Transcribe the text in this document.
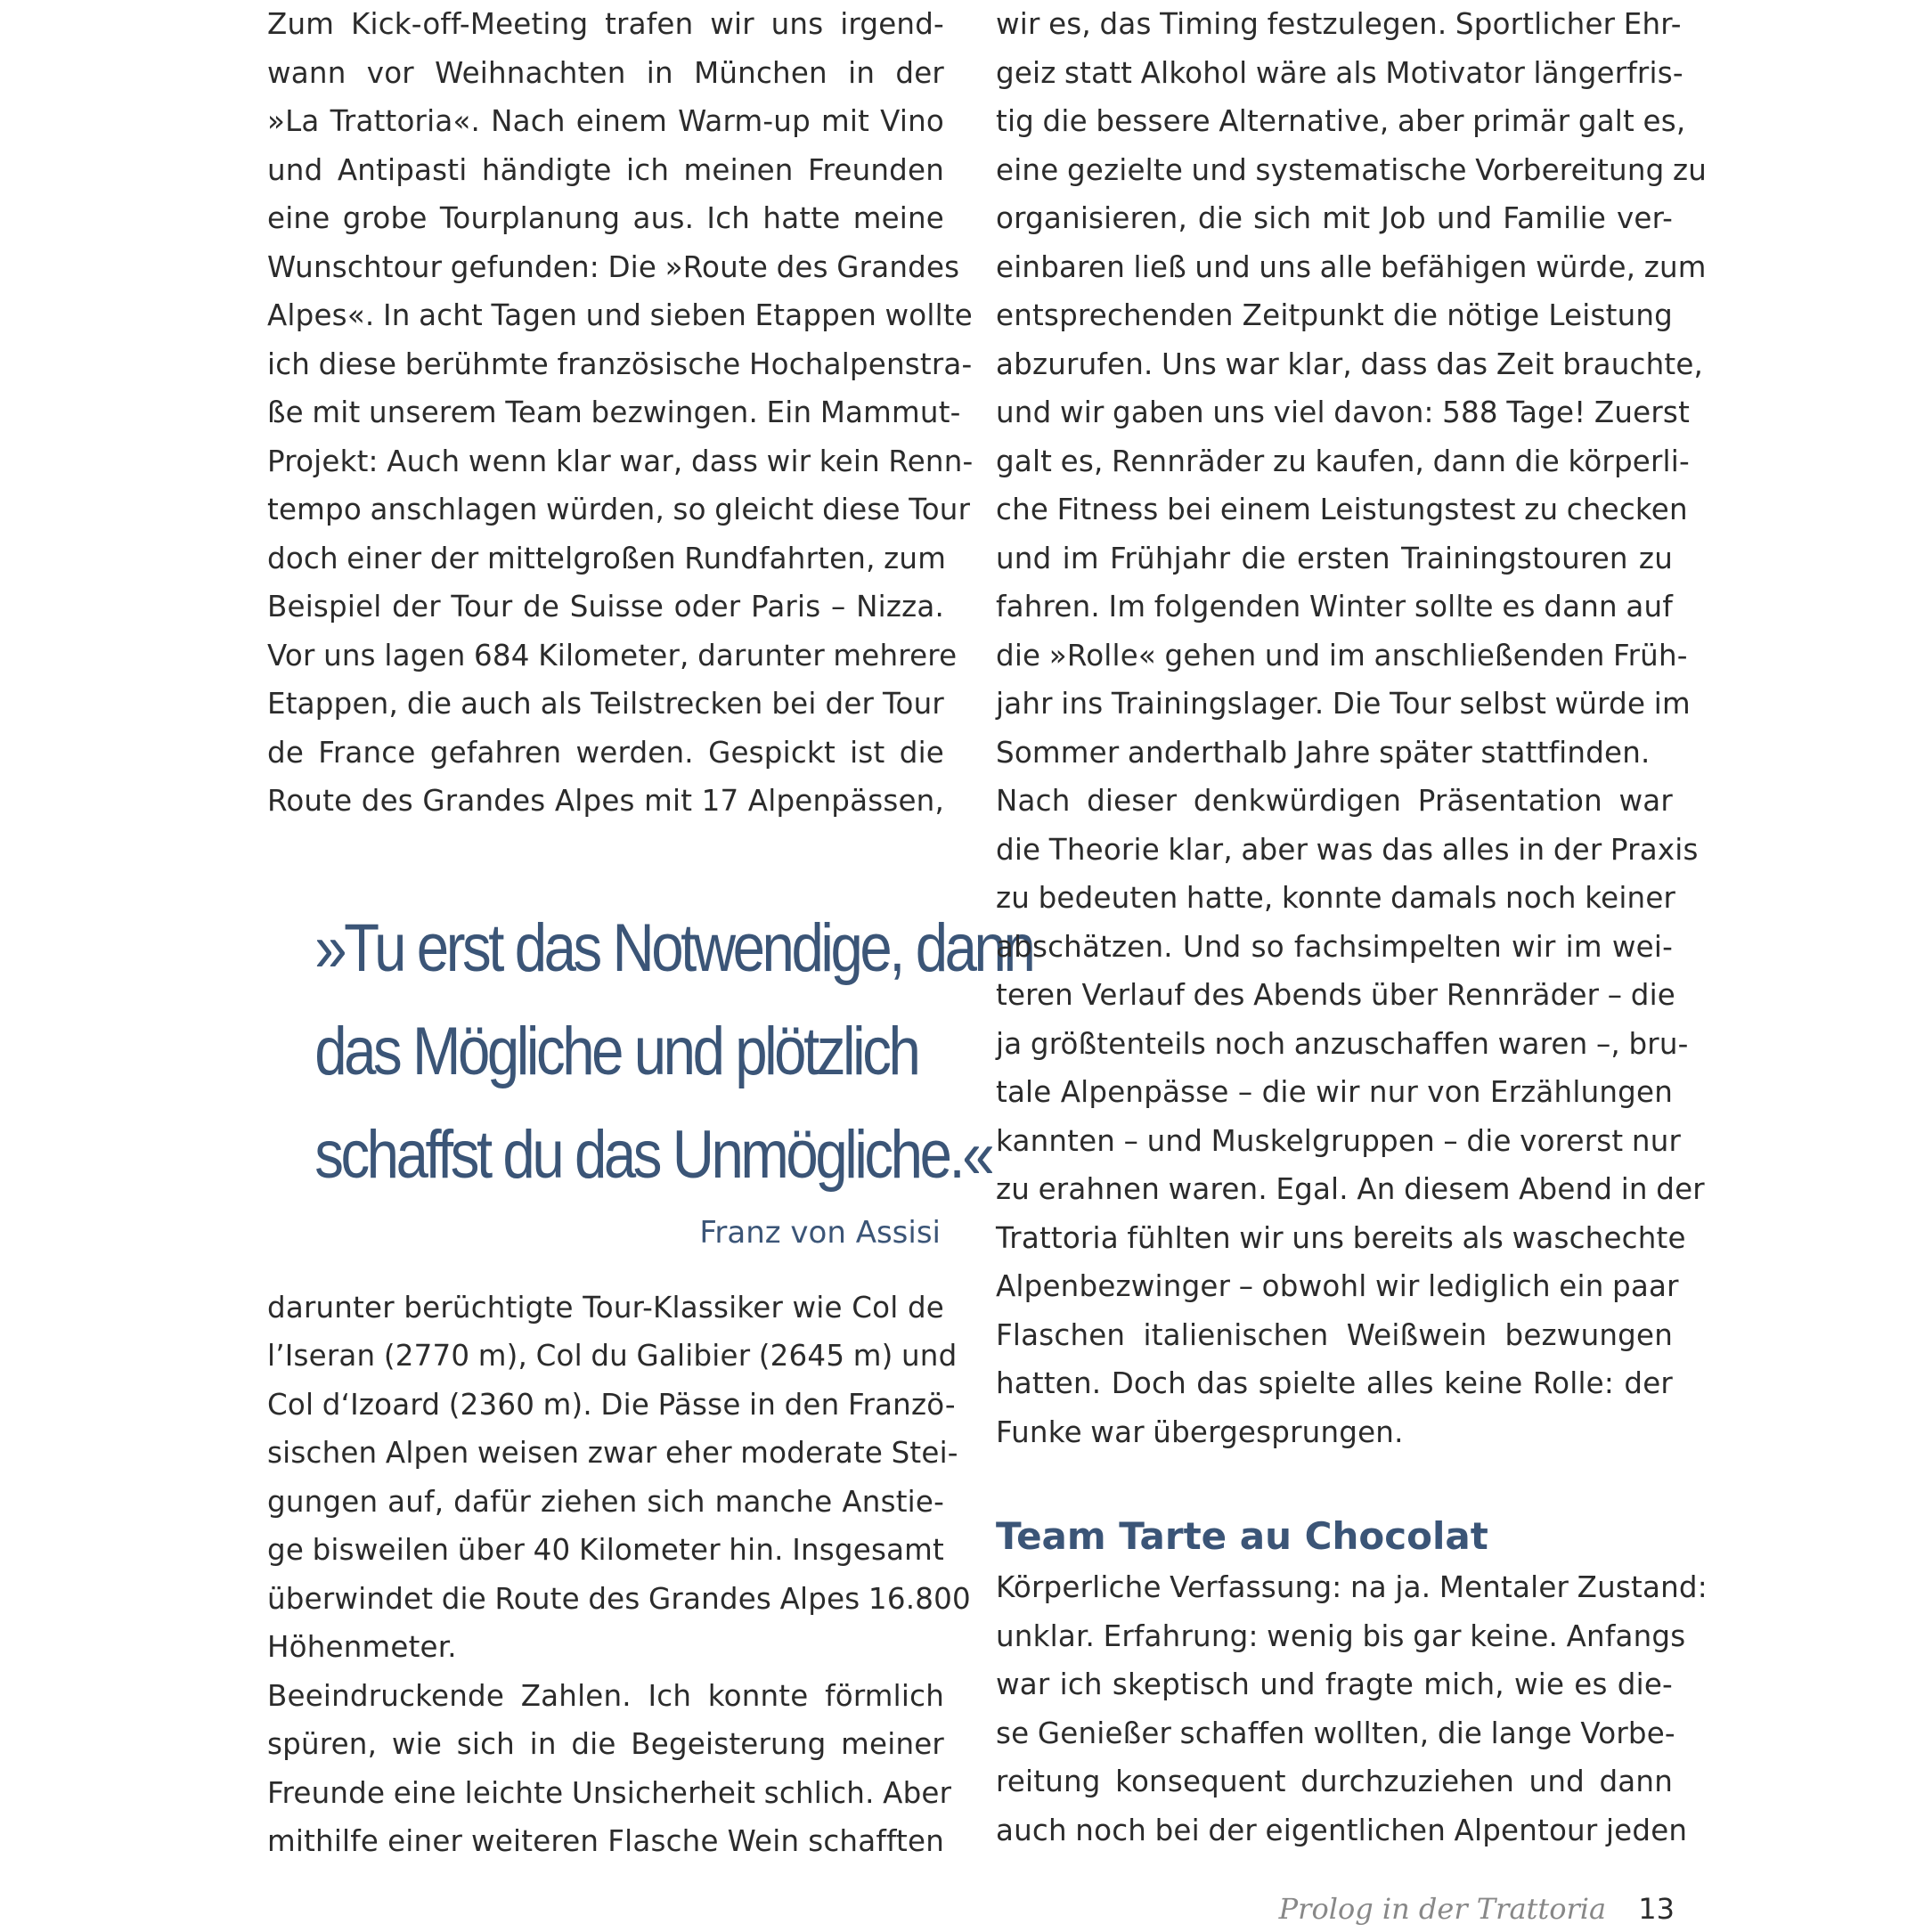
Zum Kick-off-Meeting trafen wir uns irgend-

wann vor Weihnachten in München in der

»La Trattoria«. Nach einem Warm-up mit Vino

und Antipasti händigte ich meinen Freunden

eine grobe Tourplanung aus. Ich hatte meine

Wunschtour gefunden: Die »Route des Grandes

Alpes«. In acht Tagen und sieben Etappen wollte

ich diese berühmte französische Hochalpenstra-

ße mit unserem Team bezwingen. Ein Mammut-

Projekt: Auch wenn klar war, dass wir kein Renn-

tempo anschlagen würden, so gleicht diese Tour

doch einer der mittelgroßen Rundfahrten, zum

Beispiel der Tour de Suisse oder Paris – Nizza.

Vor uns lagen 684 Kilometer, darunter mehrere

Etappen, die auch als Teilstrecken bei der Tour

de France gefahren werden. Gespickt ist die

Route des Grandes Alpes mit 17 Alpenpässen,

»Tu erst das Notwendige, dann
das Mögliche und plötzlich
schaffst du das Unmögliche.«
Franz von Assisi

darunter berüchtigte Tour-Klassiker wie Col de

l’Iseran (2770 m), Col du Galibier (2645 m) und

Col d‘Izoard (2360 m). Die Pässe in den Franzö-

sischen Alpen weisen zwar eher moderate Stei-

gungen auf, dafür ziehen sich manche Anstie-

ge bisweilen über 40 Kilometer hin. Insgesamt

überwindet die Route des Grandes Alpes 16.800

Höhenmeter.

Beeindruckende Zahlen. Ich konnte förmlich

spüren, wie sich in die Begeisterung meiner

Freunde eine leichte Unsicherheit schlich. Aber

mithilfe einer weiteren Flasche Wein schafften

wir es, das Timing festzulegen. Sportlicher Ehr-

geiz statt Alkohol wäre als Motivator längerfris-

tig die bessere Alternative, aber primär galt es,

eine gezielte und systematische Vorbereitung zu

organisieren, die sich mit Job und Familie ver-

einbaren ließ und uns alle befähigen würde, zum

entsprechenden Zeitpunkt die nötige Leistung

abzurufen. Uns war klar, dass das Zeit brauchte,

und wir gaben uns viel davon: 588 Tage! Zuerst

galt es, Rennräder zu kaufen, dann die körperli-

che Fitness bei einem Leistungstest zu checken

und im Frühjahr die ersten Trainingstouren zu

fahren. Im folgenden Winter sollte es dann auf

die »Rolle« gehen und im anschließenden Früh-

jahr ins Trainingslager. Die Tour selbst würde im

Sommer anderthalb Jahre später stattfinden.

Nach dieser denkwürdigen Präsentation war

die Theorie klar, aber was das alles in der Praxis

zu bedeuten hatte, konnte damals noch keiner

abschätzen. Und so fachsimpelten wir im wei-

teren Verlauf des Abends über Rennräder – die

ja größtenteils noch anzuschaffen waren –, bru-

tale Alpenpässe – die wir nur von Erzählungen

kannten – und Muskelgruppen – die vorerst nur

zu erahnen waren. Egal. An diesem Abend in der

Trattoria fühlten wir uns bereits als waschechte

Alpenbezwinger – obwohl wir lediglich ein paar

Flaschen italienischen Weißwein bezwungen

hatten. Doch das spielte alles keine Rolle: der

Funke war übergesprungen.

Team Tarte au Chocolat

Körperliche Verfassung: na ja. Mentaler Zustand:

unklar. Erfahrung: wenig bis gar keine. Anfangs

war ich skeptisch und fragte mich, wie es die-

se Genießer schaffen wollten, die lange Vorbe-

reitung konsequent durchzuziehen und dann

auch noch bei der eigentlichen Alpentour jeden

Prolog in der Trattoria 13
